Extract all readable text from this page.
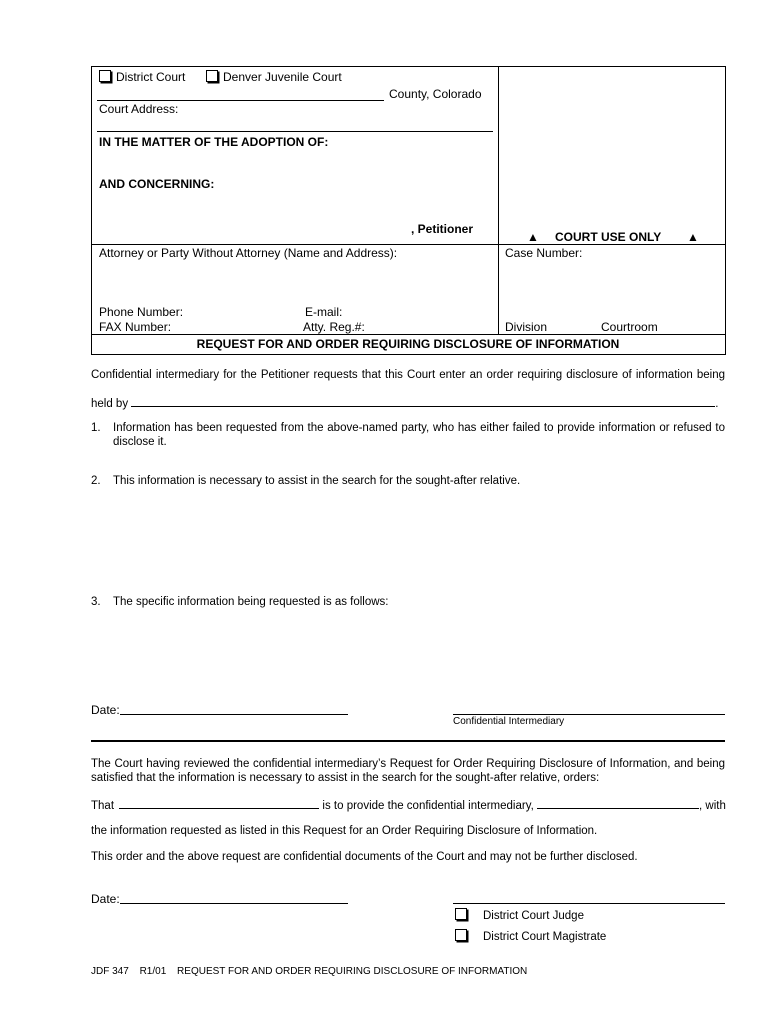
District Court	Denver Juvenile Court
County, Colorado
Court Address:
IN THE MATTER OF THE ADOPTION OF:
AND CONCERNING:
, Petitioner
▲ COURT USE ONLY ▲
Attorney or Party Without Attorney (Name and Address):	Case Number:
Phone Number:	E-mail:
FAX Number:	Atty. Reg.#:	Division	Courtroom
REQUEST FOR AND ORDER REQUIRING DISCLOSURE OF INFORMATION
Confidential intermediary for the Petitioner requests that this Court enter an order requiring disclosure of information being
held by	.
1. Information has been requested from the above-named party, who has either failed to provide information or refused to disclose it.
2. This information is necessary to assist in the search for the sought-after relative.
3. The specific information being requested is as follows:
Date:
Confidential Intermediary
The Court having reviewed the confidential intermediary’s Request for Order Requiring Disclosure of Information, and being satisfied that the information is necessary to assist in the search for the sought-after relative, orders:
That	is to provide the confidential intermediary,	, with
the information requested as listed in this Request for an Order Requiring Disclosure of Information.
This order and the above request are confidential documents of the Court and may not be further disclosed.
Date:
District Court Judge
District Court Magistrate
JDF 347 R1/01 REQUEST FOR AND ORDER REQUIRING DISCLOSURE OF INFORMATION
